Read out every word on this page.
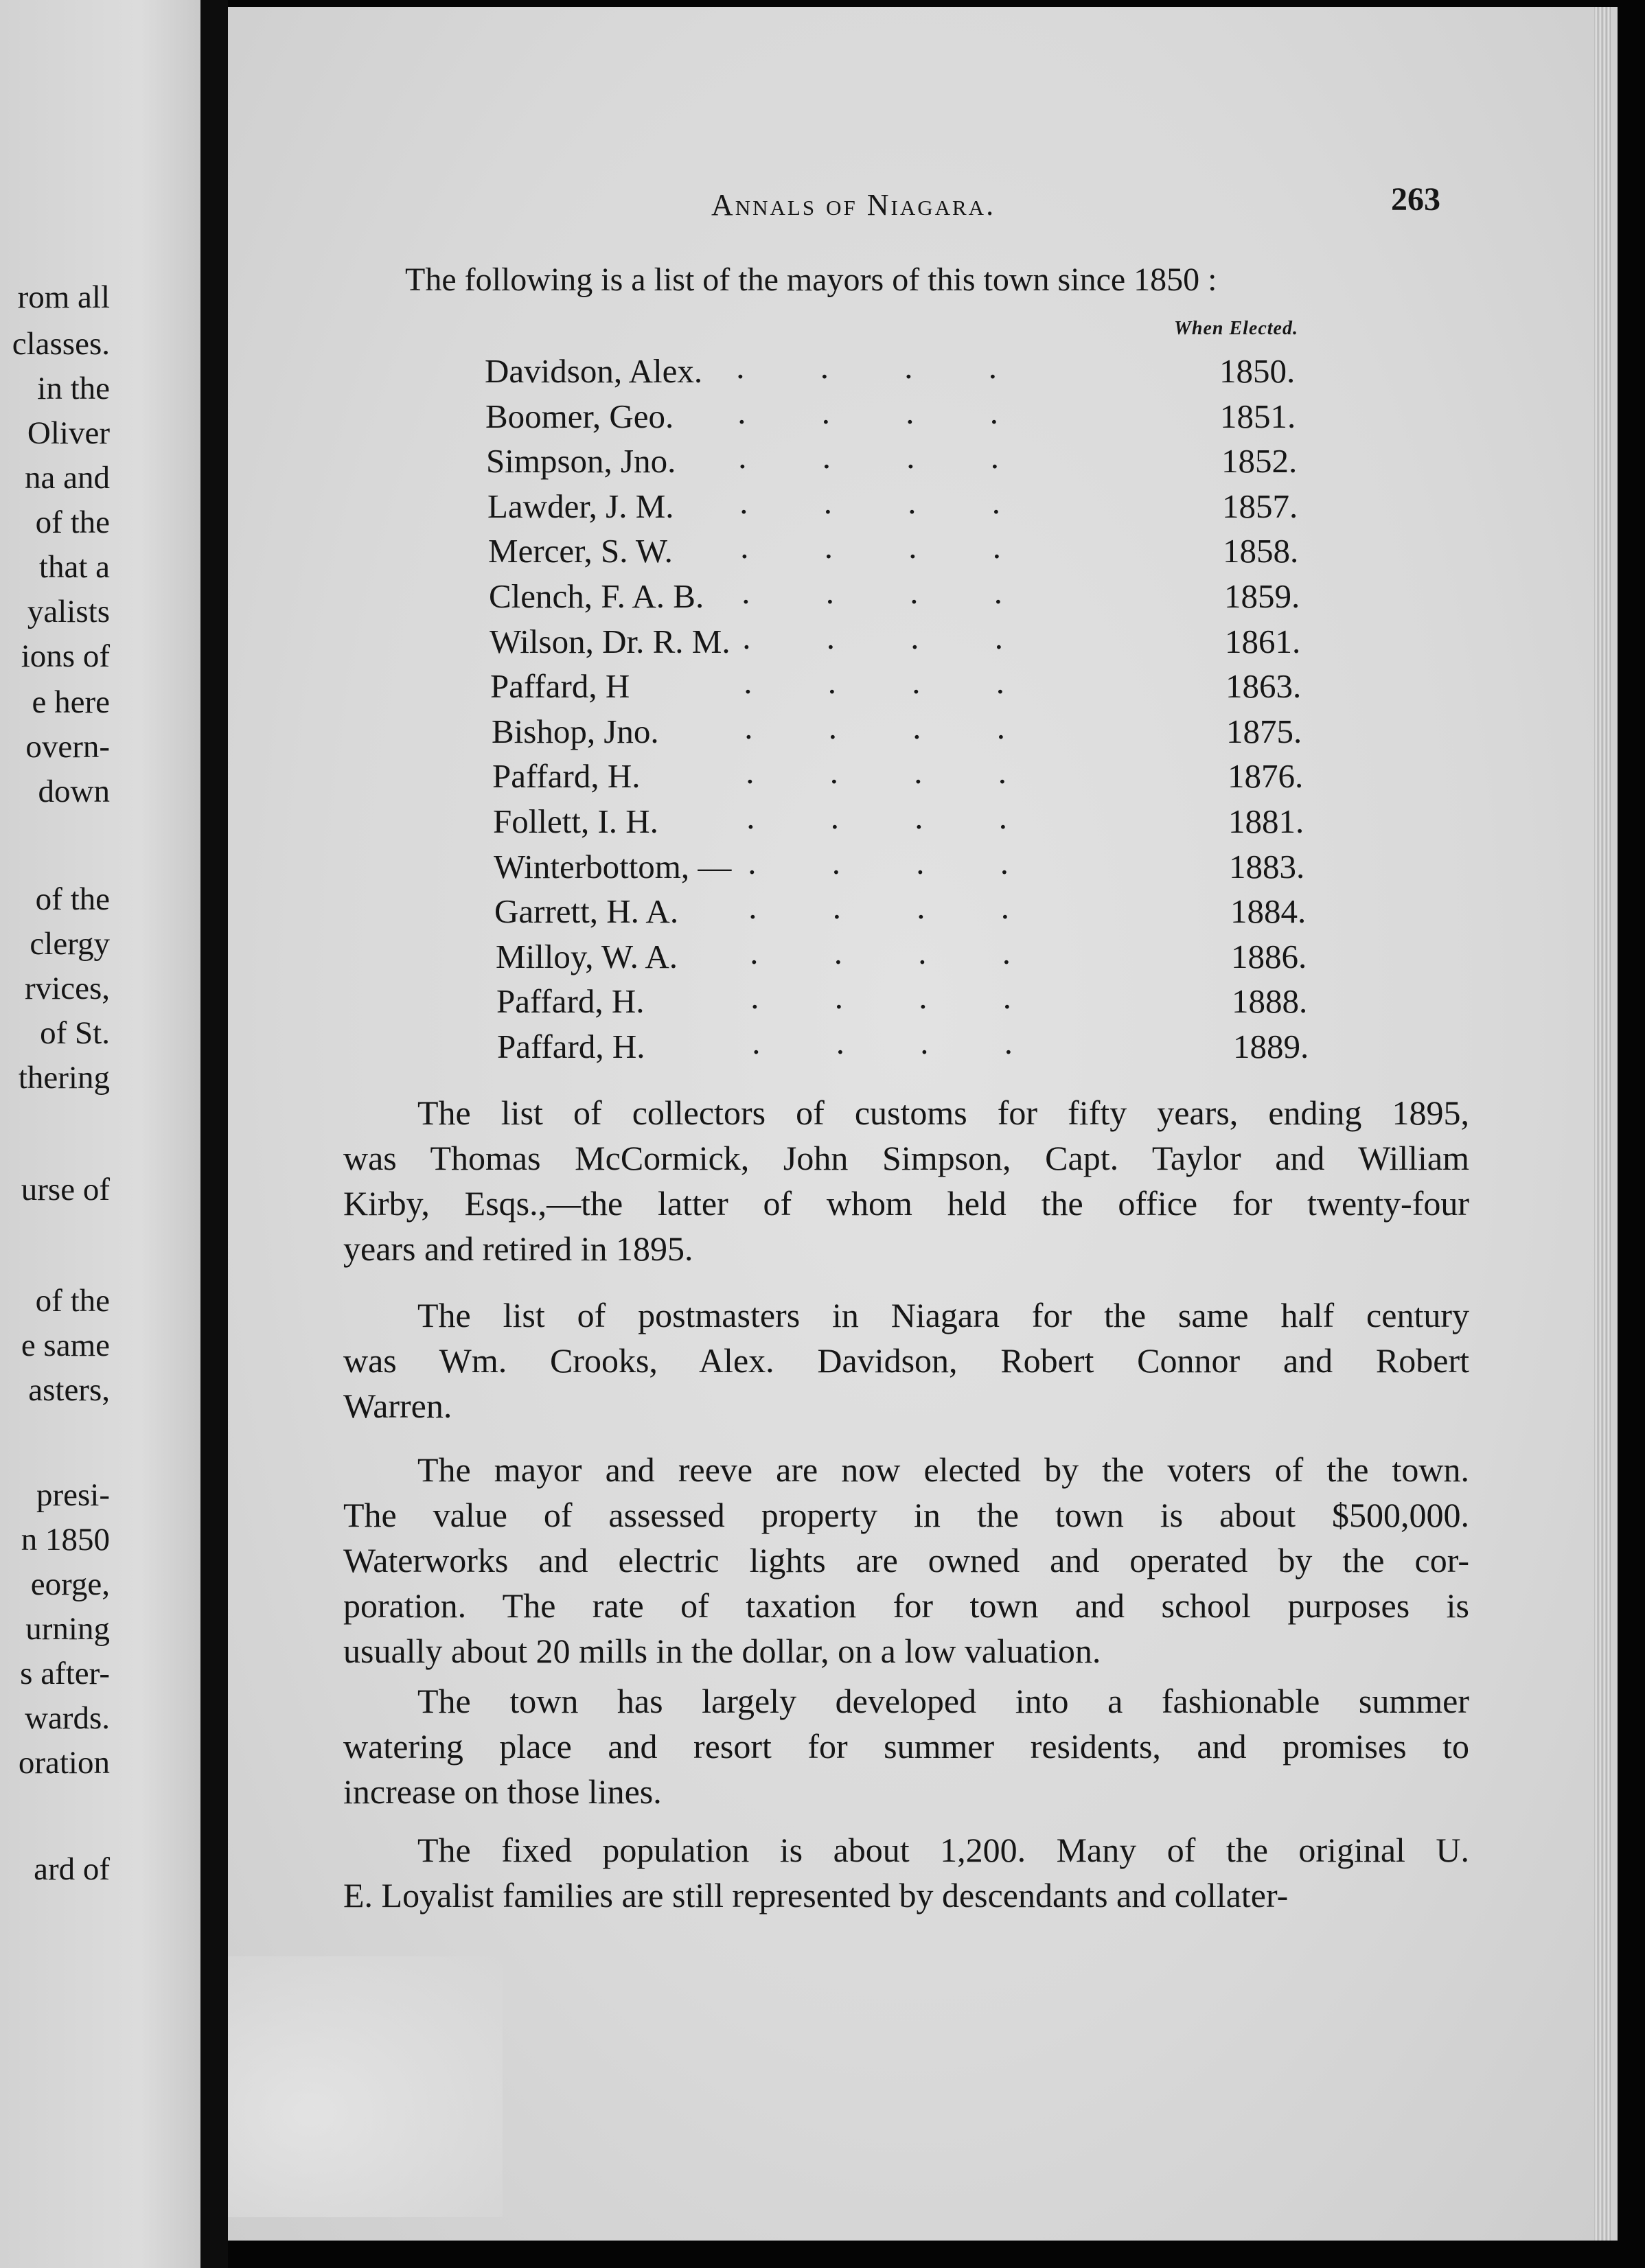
rom all
classes.
in the
Oliver
na and
of the
that a
yalists
ions of
e here
overn-
down
of the
clergy
rvices,
of St.
thering
urse of
of the
e same
asters,
presi-
n 1850
eorge,
urning
s after-
wards.
oration
ard of
Annals of Niagara.	263
The following is a list of the mayors of this town since 1850 :
When Elected.
Davidson, Alex. .         .         .         .	1850.
Boomer, Geo. .         .         .         .	1851.
Simpson, Jno. .         .         .         .	1852.
Lawder, J. M. .         .         .         .	1857.
Mercer, S. W. .         .         .         .	1858.
Clench, F. A. B. .         .         .         .	1859.
Wilson, Dr. R. M. .         .         .         .	1861.
Paffard, H	.         .         .         .	1863.
Bishop, Jno. .         .         .         .	1875.
Paffard, H.	.         .         .         .	1876.
Follett, I. H. .         .         .         .	1881.
Winterbottom, — .         .         .         .	1883.
Garrett, H. A. .         .         .         .	1884.
Milloy, W. A. .         .         .         .	1886.
Paffard, H.	.         .         .         .	1888.
Paffard, H.	.         .         .         .	1889.
The list of collectors of customs for fifty years, ending 1895,
was Thomas McCormick, John Simpson, Capt. Taylor and William
Kirby, Esqs.,—the latter of whom held the office for twenty-four
years and retired in 1895.
The list of postmasters in Niagara for the same half century
was Wm. Crooks, Alex. Davidson, Robert Connor and Robert
Warren.
The mayor and reeve are now elected by the voters of the town.
The value of assessed property in the town is about $500,000.
Waterworks and electric lights are owned and operated by the cor-
poration. The rate of taxation for town and school purposes is
usually about 20 mills in the dollar, on a low valuation.
The town has largely developed into a fashionable summer
watering place and resort for summer residents, and promises to
increase on those lines.
The fixed population is about 1,200. Many of the original U.
E. Loyalist families are still represented by descendants and collater-
